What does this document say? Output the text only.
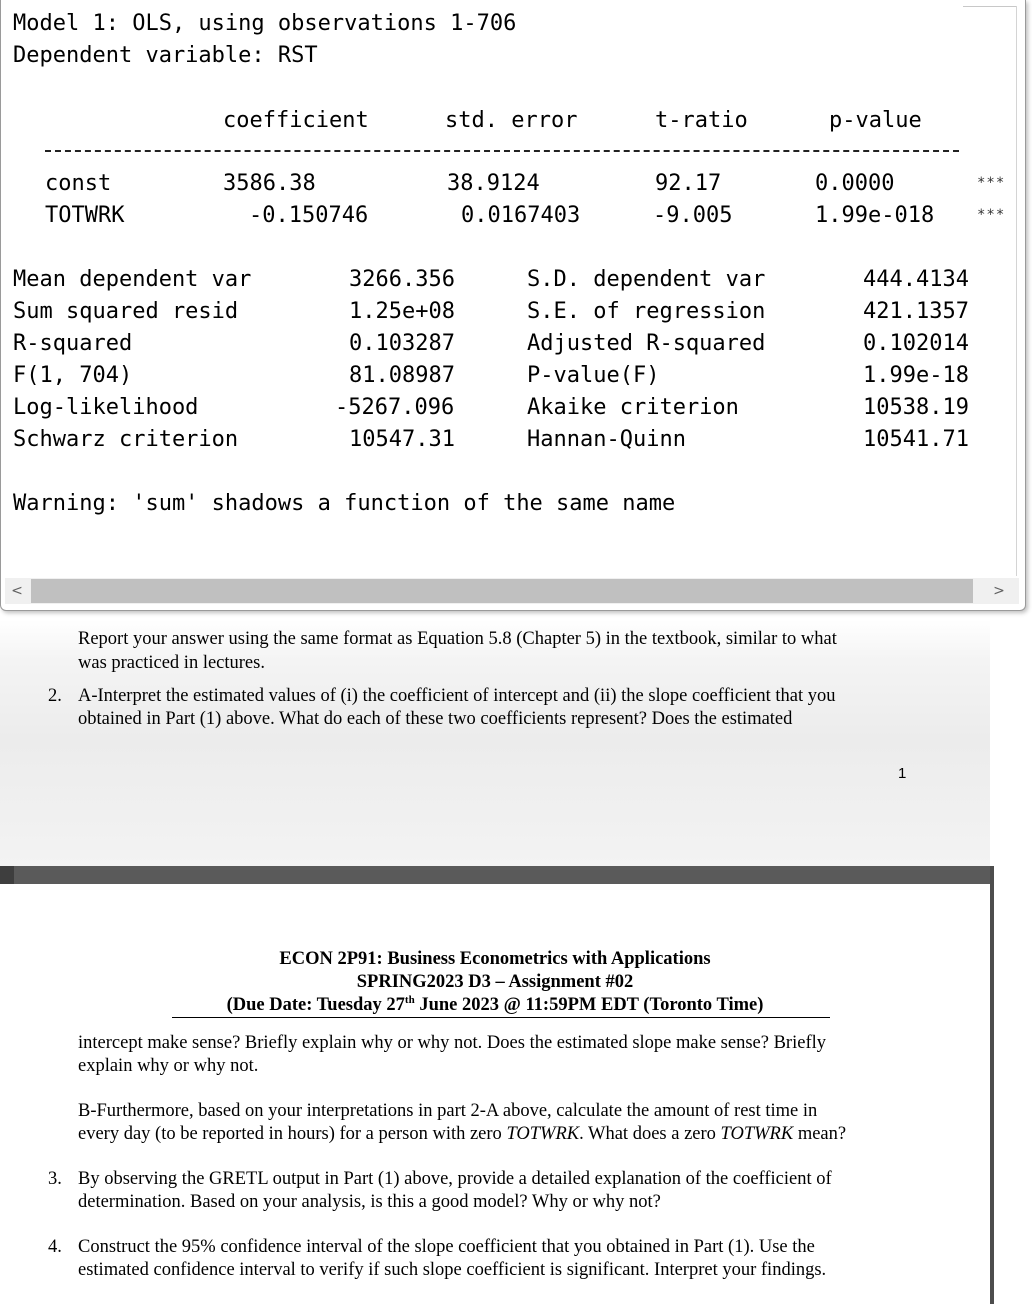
Report your answer using the same format as Equation 5.8 (Chapter 5) in the textbook, similar to what
was practiced in lectures.
2. A-Interpret the estimated values of (i) the coefficient of intercept and (ii) the slope coefficient that you
obtained in Part (1) above. What do each of these two coefficients represent? Does the estimated
1
ECON 2P91: Business Econometrics with Applications
SPRING2023 D3 – Assignment #02
(Due Date: Tuesday 27th June 2023 @ 11:59PM EDT (Toronto Time)
intercept make sense? Briefly explain why or why not. Does the estimated slope make sense? Briefly
explain why or why not.
B-Furthermore, based on your interpretations in part 2-A above, calculate the amount of rest time in
every day (to be reported in hours) for a person with zero TOTWRK. What does a zero TOTWRK mean?
3. By observing the GRETL output in Part (1) above, provide a detailed explanation of the coefficient of
determination. Based on your analysis, is this a good model? Why or why not?
4. Construct the 95% confidence interval of the slope coefficient that you obtained in Part (1). Use the
estimated confidence interval to verify if such slope coefficient is significant. Interpret your findings.
Model 1: OLS, using observations 1-706
Dependent variable: RST
coefficient	std. error	t-ratio	p-value
const	3586.38	38.9124	92.17	0.0000	***
TOTWRK	-0.150746	0.0167403	-9.005	1.99e-018	***
Mean dependent var	3266.356	S.D. dependent var	444.4134
Sum squared resid	1.25e+08	S.E. of regression	421.1357
R-squared	0.103287	Adjusted R-squared	0.102014
F(1, 704)	81.08987	P-value(F)	1.99e-18
Log-likelihood	-5267.096	Akaike criterion	10538.19
Schwarz criterion	10547.31	Hannan-Quinn	10541.71
Warning: 'sum' shadows a function of the same name
<	>
